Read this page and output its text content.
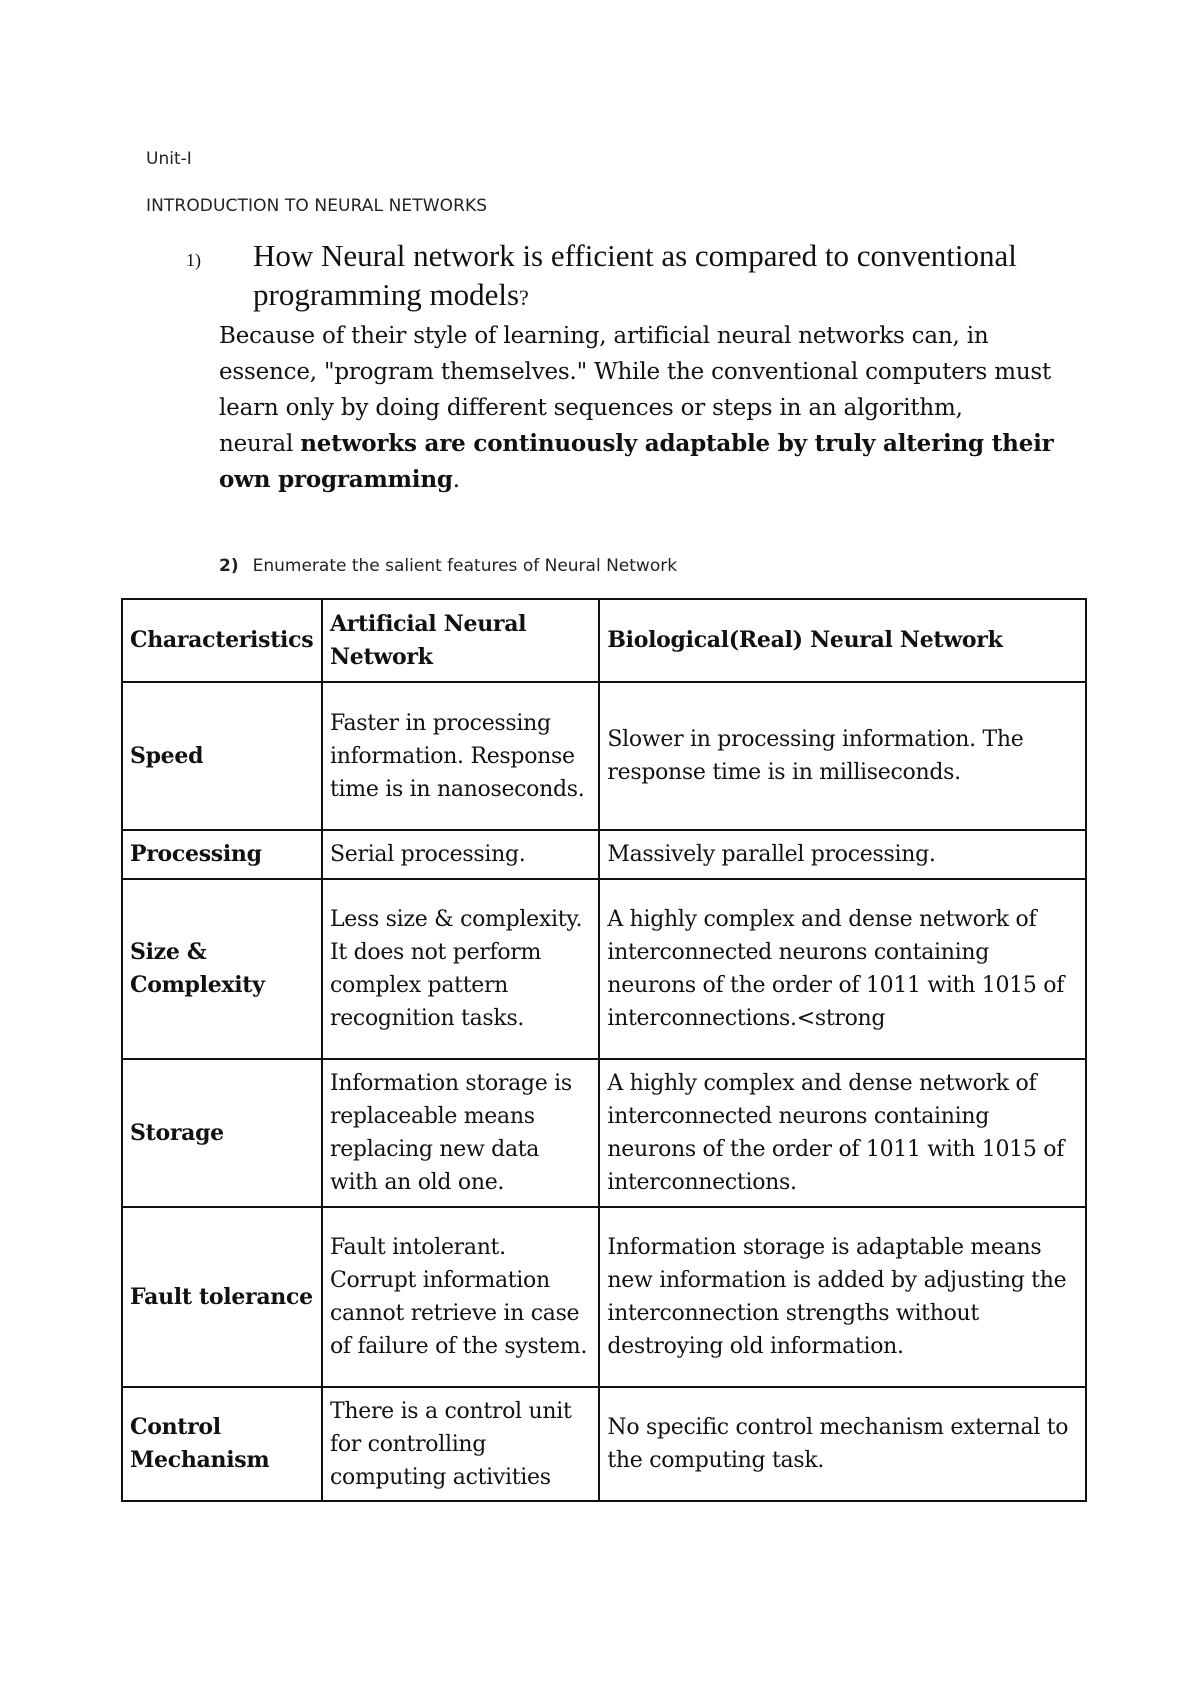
Unit-I
INTRODUCTION TO NEURAL NETWORKS
1) How Neural network is efficient as compared to conventional programming models?
Because of their style of learning, artificial neural networks can, in
essence, "program themselves." While the conventional computers must
learn only by doing different sequences or steps in an algorithm,
neural networks are continuously adaptable by truly altering their
own programming.
2) Enumerate the salient features of Neural Network
Characteristics	Artificial Neural Network	Biological(Real) Neural Network
Speed	Faster in processing information. Response time is in nanoseconds.	Slower in processing information. The response time is in milliseconds.
Processing	Serial processing.	Massively parallel processing.
Size & Complexity	Less size & complexity. It does not perform complex pattern recognition tasks.	A highly complex and dense network of interconnected neurons containing neurons of the order of 1011 with 1015 of interconnections.<strong
Storage	Information storage is replaceable means replacing new data with an old one.	A highly complex and dense network of interconnected neurons containing neurons of the order of 1011 with 1015 of interconnections.
Fault tolerance	Fault intolerant. Corrupt information cannot retrieve in case of failure of the system.	Information storage is adaptable means new information is added by adjusting the interconnection strengths without destroying old information.
Control Mechanism	There is a control unit for controlling computing activities	No specific control mechanism external to the computing task.
